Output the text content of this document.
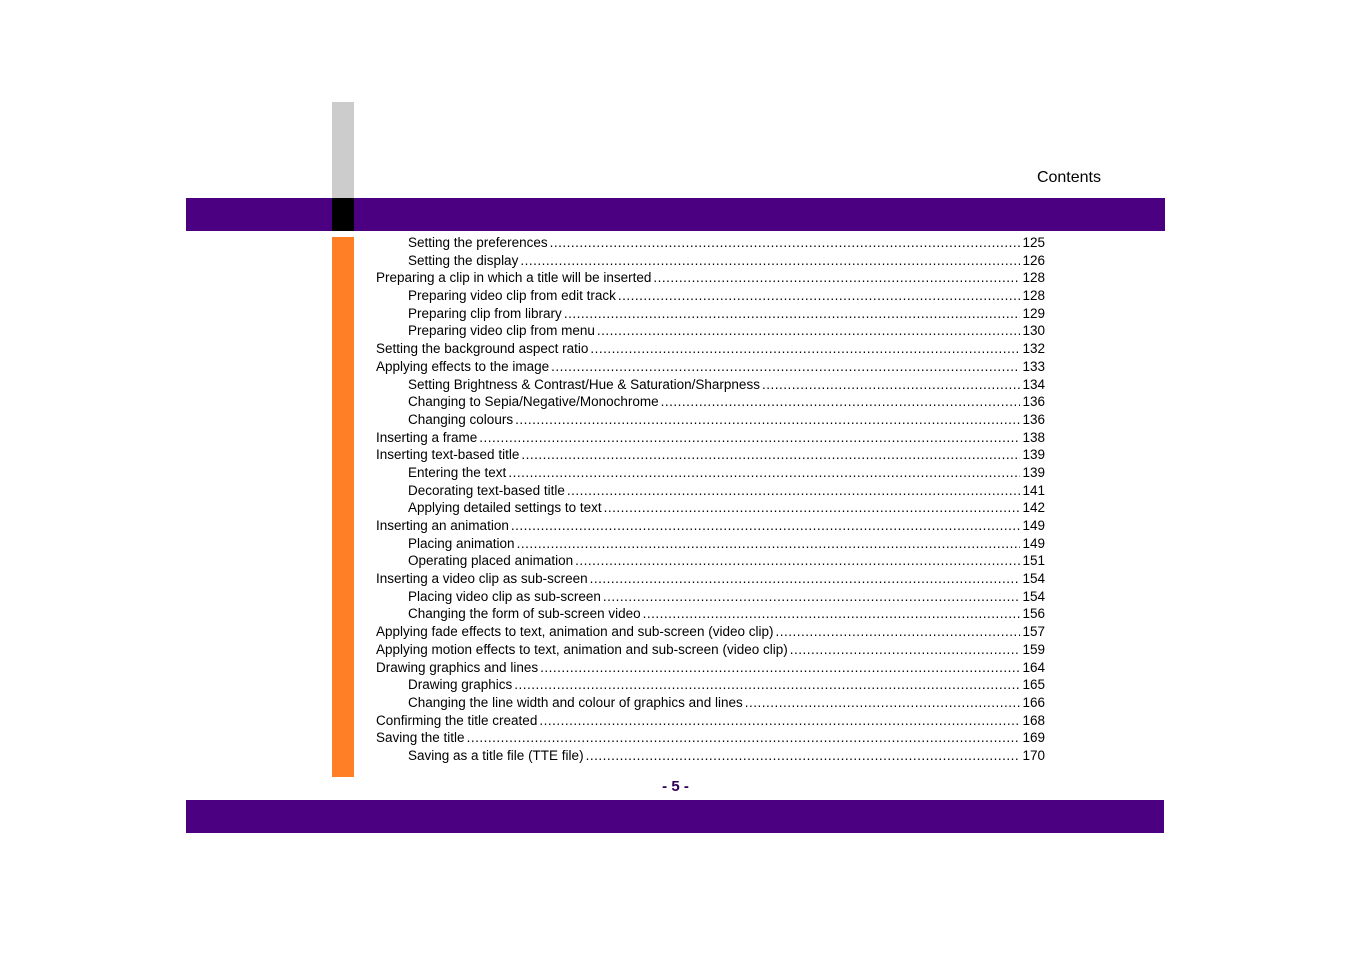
Contents
Setting the preferences .....	125
Setting the display .....	126
Preparing a clip in which a title will be inserted .....	128
Preparing video clip from edit track .....	128
Preparing clip from library .....	129
Preparing video clip from menu .....	130
Setting the background aspect ratio .....	132
Applying effects to the image .....	133
Setting Brightness & Contrast/Hue & Saturation/Sharpness .....	134
Changing to Sepia/Negative/Monochrome .....	136
Changing colours .....	136
Inserting a frame .....	138
Inserting text-based title .....	139
Entering the text .....	139
Decorating text-based title .....	141
Applying detailed settings to text .....	142
Inserting an animation .....	149
Placing animation .....	149
Operating placed animation .....	151
Inserting a video clip as sub-screen .....	154
Placing video clip as sub-screen .....	154
Changing the form of sub-screen video .....	156
Applying fade effects to text, animation and sub-screen (video clip) .....	157
Applying motion effects to text, animation and sub-screen (video clip) .....	159
Drawing graphics and lines .....	164
Drawing graphics .....	165
Changing the line width and colour of graphics and lines .....	166
Confirming the title created .....	168
Saving the title .....	169
Saving as a title file (TTE file) .....	170
- 5 -
